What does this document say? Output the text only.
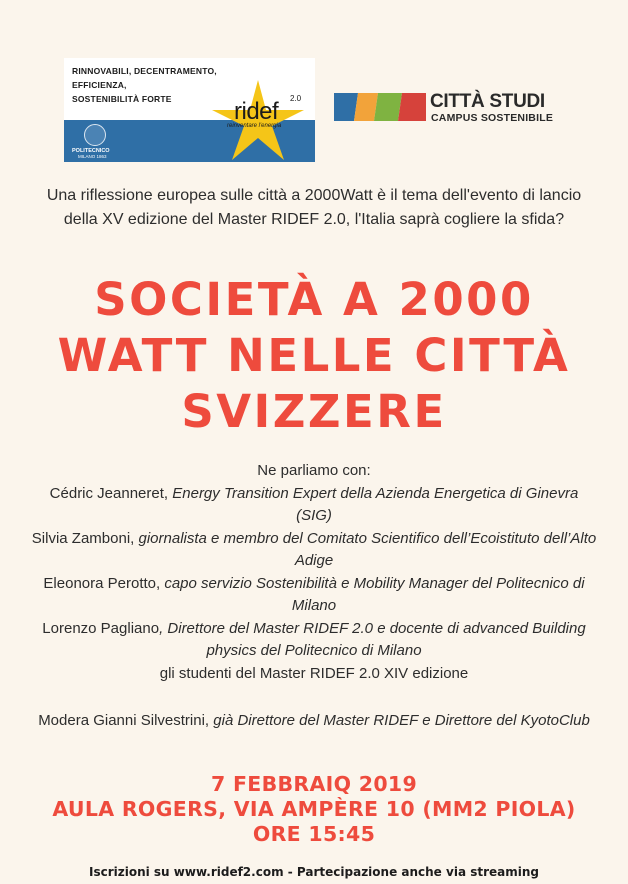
RINNOVABILI, DECENTRAMENTO, EFFICIENZA,
SOSTENIBILITÀ FORTE
POLITECNICO
MILANO 1863
ridef 2.0
reinventare l'energia
CITTÀ STUDI
CAMPUS SOSTENIBILE
Una riflessione europea sulle città a 2000Watt è il tema dell'evento di lancio della XV edizione del Master RIDEF 2.0, l'Italia saprà cogliere la sfida?
SOCIETÀ A 2000
WATT NELLE CITTÀ
SVIZZERE

Ne parliamo con:

Cédric Jeanneret, Energy Transition Expert della Azienda Energetica di Ginevra (SIG)

Silvia Zamboni, giornalista e membro del Comitato Scientifico dell’Ecoistituto dell’Alto Adige

Eleonora Perotto, capo servizio Sostenibilità e Mobility Manager del Politecnico di Milano

Lorenzo Pagliano, Direttore del Master RIDEF 2.0 e docente di advanced Building physics del Politecnico di Milano

gli studenti del Master RIDEF 2.0 XIV edizione

Modera Gianni Silvestrini, già Direttore del Master RIDEF e Direttore del KyotoClub
7 FEBBRAIQ 2019
AULA ROGERS, VIA AMPÈRE 10 (MM2 PIOLA)
ORE 15:45
Iscrizioni su www.ridef2.com - Partecipazione anche via streaming
